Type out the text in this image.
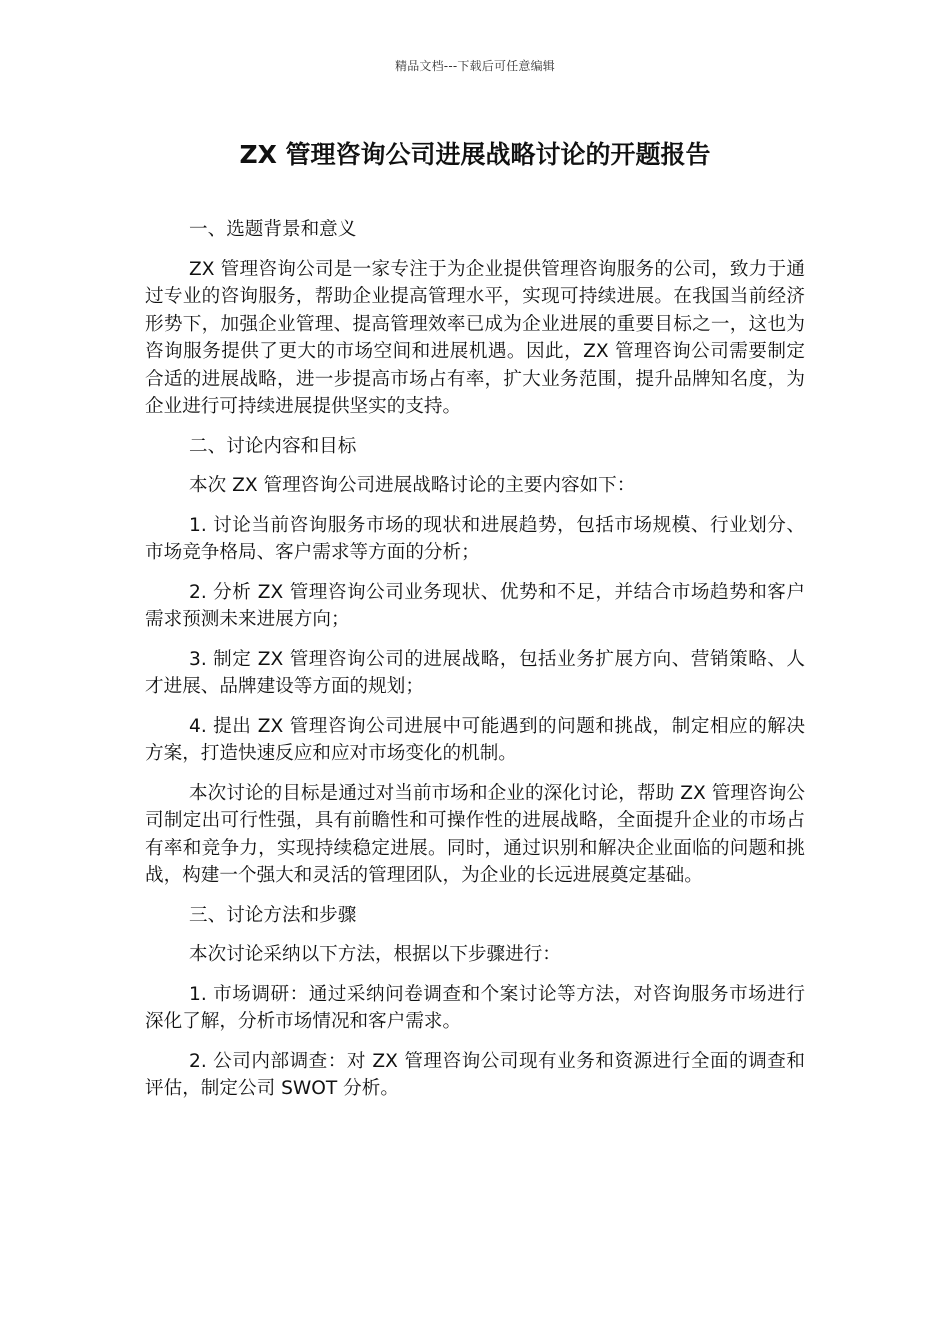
精品文档---下载后可任意编辑
ZX 管理咨询公司进展战略讨论的开题报告

一、选题背景和意义

ZX 管理咨询公司是一家专注于为企业提供管理咨询服务的公司，致力于通过专业的咨询服务，帮助企业提高管理水平，实现可持续进展。在我国当前经济形势下，加强企业管理、提高管理效率已成为企业进展的重要目标之一，这也为咨询服务提供了更大的市场空间和进展机遇。因此，ZX 管理咨询公司需要制定合适的进展战略，进一步提高市场占有率，扩大业务范围，提升品牌知名度，为企业进行可持续进展提供坚实的支持。

二、讨论内容和目标

本次 ZX 管理咨询公司进展战略讨论的主要内容如下：

1. 讨论当前咨询服务市场的现状和进展趋势，包括市场规模、行业划分、市场竞争格局、客户需求等方面的分析；

2. 分析 ZX 管理咨询公司业务现状、优势和不足，并结合市场趋势和客户需求预测未来进展方向；

3. 制定 ZX 管理咨询公司的进展战略，包括业务扩展方向、营销策略、人才进展、品牌建设等方面的规划；

4. 提出 ZX 管理咨询公司进展中可能遇到的问题和挑战，制定相应的解决方案，打造快速反应和应对市场变化的机制。

本次讨论的目标是通过对当前市场和企业的深化讨论，帮助 ZX 管理咨询公司制定出可行性强，具有前瞻性和可操作性的进展战略，全面提升企业的市场占有率和竞争力，实现持续稳定进展。同时，通过识别和解决企业面临的问题和挑战，构建一个强大和灵活的管理团队，为企业的长远进展奠定基础。

三、讨论方法和步骤

本次讨论采纳以下方法，根据以下步骤进行：

1. 市场调研：通过采纳问卷调查和个案讨论等方法，对咨询服务市场进行深化了解，分析市场情况和客户需求。

2. 公司内部调查：对 ZX 管理咨询公司现有业务和资源进行全面的调查和评估，制定公司 SWOT 分析。
